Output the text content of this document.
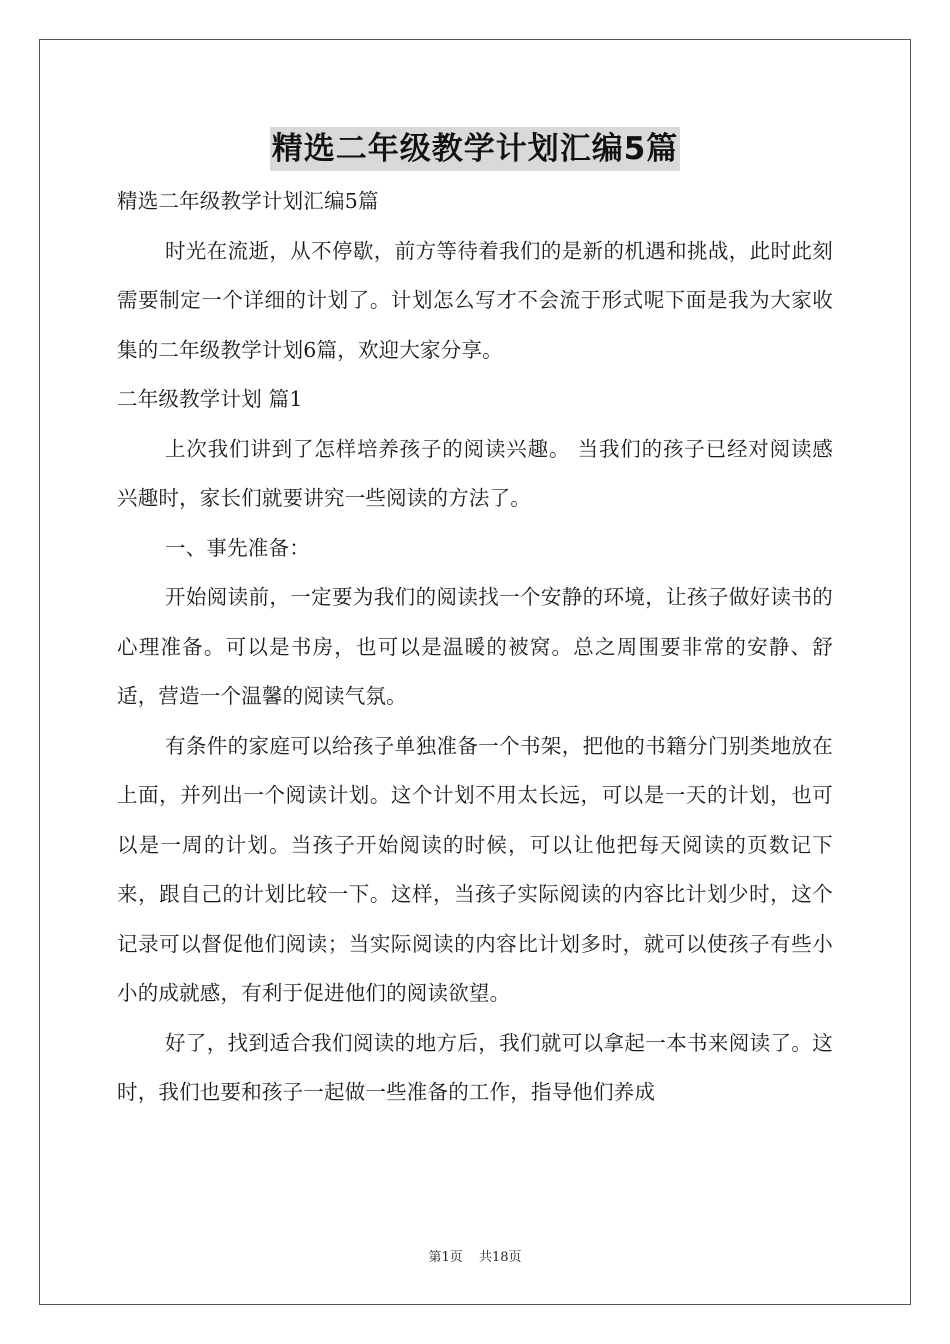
精选二年级教学计划汇编5篇
精选二年级教学计划汇编5篇

时光在流逝，从不停歇，前方等待着我们的是新的机遇和挑战，此时此刻需要制定一个详细的计划了。计划怎么写才不会流于形式呢下面是我为大家收集的二年级教学计划6篇，欢迎大家分享。

二年级教学计划 篇1

上次我们讲到了怎样培养孩子的阅读兴趣。 当我们的孩子已经对阅读感兴趣时，家长们就要讲究一些阅读的方法了。

一、事先准备：

开始阅读前，一定要为我们的阅读找一个安静的环境，让孩子做好读书的心理准备。可以是书房，也可以是温暖的被窝。总之周围要非常的安静、舒适，营造一个温馨的阅读气氛。

有条件的家庭可以给孩子单独准备一个书架，把他的书籍分门别类地放在上面，并列出一个阅读计划。这个计划不用太长远，可以是一天的计划，也可以是一周的计划。当孩子开始阅读的时候，可以让他把每天阅读的页数记下来，跟自己的计划比较一下。这样，当孩子实际阅读的内容比计划少时，这个记录可以督促他们阅读；当实际阅读的内容比计划多时，就可以使孩子有些小小的成就感，有利于促进他们的阅读欲望。

好了，找到适合我们阅读的地方后，我们就可以拿起一本书来阅读了。这时，我们也要和孩子一起做一些准备的工作，指导他们养成

第1页 共18页
